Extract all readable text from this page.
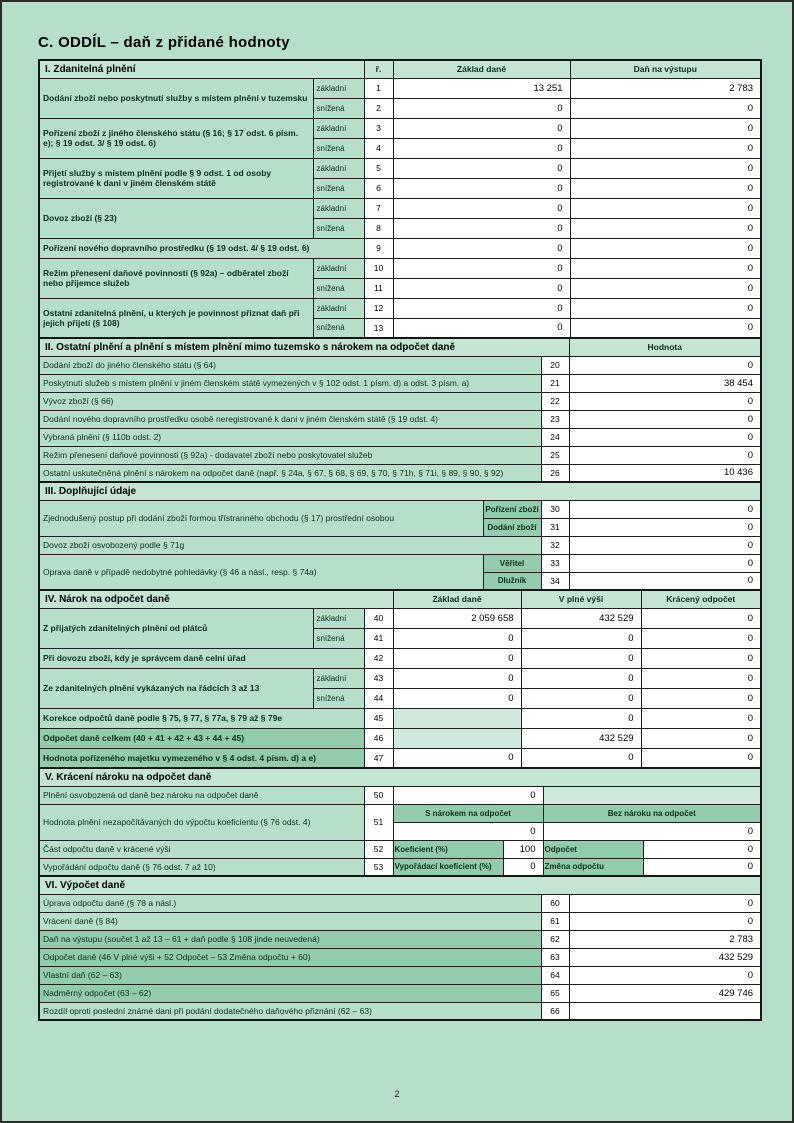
C. ODDÍL – daň z přidané hodnoty
I. Zdanitelná plnění		ř.	Základ daně	Daň na výstupu
Dodání zboží nebo poskytnutí služby s místem plnění v tuzemsku	základní	1	13 251	2 783
	snížená	2	0	0
Pořízení zboží z jiného členského státu (§ 16; § 17 odst. 6 písm. e); § 19 odst. 3/ § 19 odst. 6)	základní	3	0	0
	snížená	4	0	0
Přijetí služby s místem plnění podle § 9 odst. 1 od osoby registrované k dani v jiném členském státě	základní	5	0	0
	snížená	6	0	0
Dovoz zboží (§ 23)	základní	7	0	0
	snížená	8	0	0
Pořízení nového dopravního prostředku (§ 19 odst. 4/ § 19 odst. 6)		9	0	0
Režim přenesení daňové povinnosti (§ 92a) – odběratel zboží nebo příjemce služeb	základní	10	0	0
	snížená	11	0	0
Ostatní zdanitelná plnění, u kterých je povinnost přiznat daň při jejich přijetí (§ 108)	základní	12	0	0
	snížená	13	0	0
II. Ostatní plnění a plnění s místem plnění mimo tuzemsko s nárokem na odpočet daně		Hodnota
Dodání zboží do jiného členského státu (§ 64)	20	0
Poskytnutí služeb s místem plnění v jiném členském státě vymezených v § 102 odst. 1 písm. d) a odst. 3 písm. a)	21	38 454
Vývoz zboží (§ 66)	22	0
Dodání nového dopravního prostředku osobě neregistrované k dani v jiném členském státě (§ 19 odst. 4)	23	0
Vybraná plnění (§ 110b odst. 2)	24	0
Režim přenesení daňové povinnosti (§ 92a) - dodavatel zboží nebo poskytovatel služeb	25	0
Ostatní uskutečněná plnění s nárokem na odpočet daně (např. § 24a, § 67, § 68, § 69, § 70, § 71h, § 71i, § 89, § 90, § 92)	26	10 436
III. Doplňující údaje			
Zjednodušený postup při dodání zboží formou třístranného obchodu (§ 17) prostřední osobou	Pořízení zboží	30	0
	Dodání zboží	31	0
Dovoz zboží osvobozený podle § 71g		32	0
Oprava daně v případě nedobytné pohledávky (§ 46 a násl., resp. § 74a)	Věřitel	33	0
	Dlužník	34	0
IV. Nárok na odpočet daně			Základ daně	V plné výši	Krácený odpočet
Z přijatých zdanitelných plnění od plátců	základní	40	2 059 658	432 529	0
	snížená	41	0	0	0
Při dovozu zboží, kdy je správcem daně celní úřad		42	0	0	0
Ze zdanitelných plnění vykázaných na řádcích 3 až 13	základní	43	0	0	0
	snížená	44	0	0	0
Korekce odpočtů daně podle § 75, § 77, § 77a, § 79 až § 79e		45		0	0
Odpočet daně celkem (40 + 41 + 42 + 43 + 44 + 45)		46		432 529	0
Hodnota pořízeného majetku vymezeného v § 4 odst. 4 písm. d) a e)		47	0	0	0
V. Krácení nároku na odpočet daně					
Plnění osvobozená od daně bez nároku na odpočet daně	50	0			
Hodnota plnění nezapočítávaných do výpočtu koeficientu (§ 76 odst. 4)	51	S nárokem na odpočet		Bez nároku na odpočet	
		0		0	
Část odpočtu daně v krácené výši	52	Koeficient (%)	100	Odpočet	0
Vypořádání odpočtu daně (§ 76 odst. 7 až 10)	53	Vypořádací koeficient (%)	0	Změna odpočtu	0
VI. Výpočet daně		
Úprava odpočtu daně (§ 78 a násl.)	60	0
Vrácení daně (§ 84)	61	0
Daň na výstupu (součet 1 až 13 – 61 + daň podle § 108 jinde neuvedená)	62	2 783
Odpočet daně (46 V plné výši + 52 Odpočet – 53 Změna odpočtu + 60)	63	432 529
Vlastní daň (62 – 63)	64	0
Nadměrný odpočet (63 – 62)	65	429 746
Rozdíl oproti poslední známé dani při podání dodatečného daňového přiznání (62 – 63)	66	
2
